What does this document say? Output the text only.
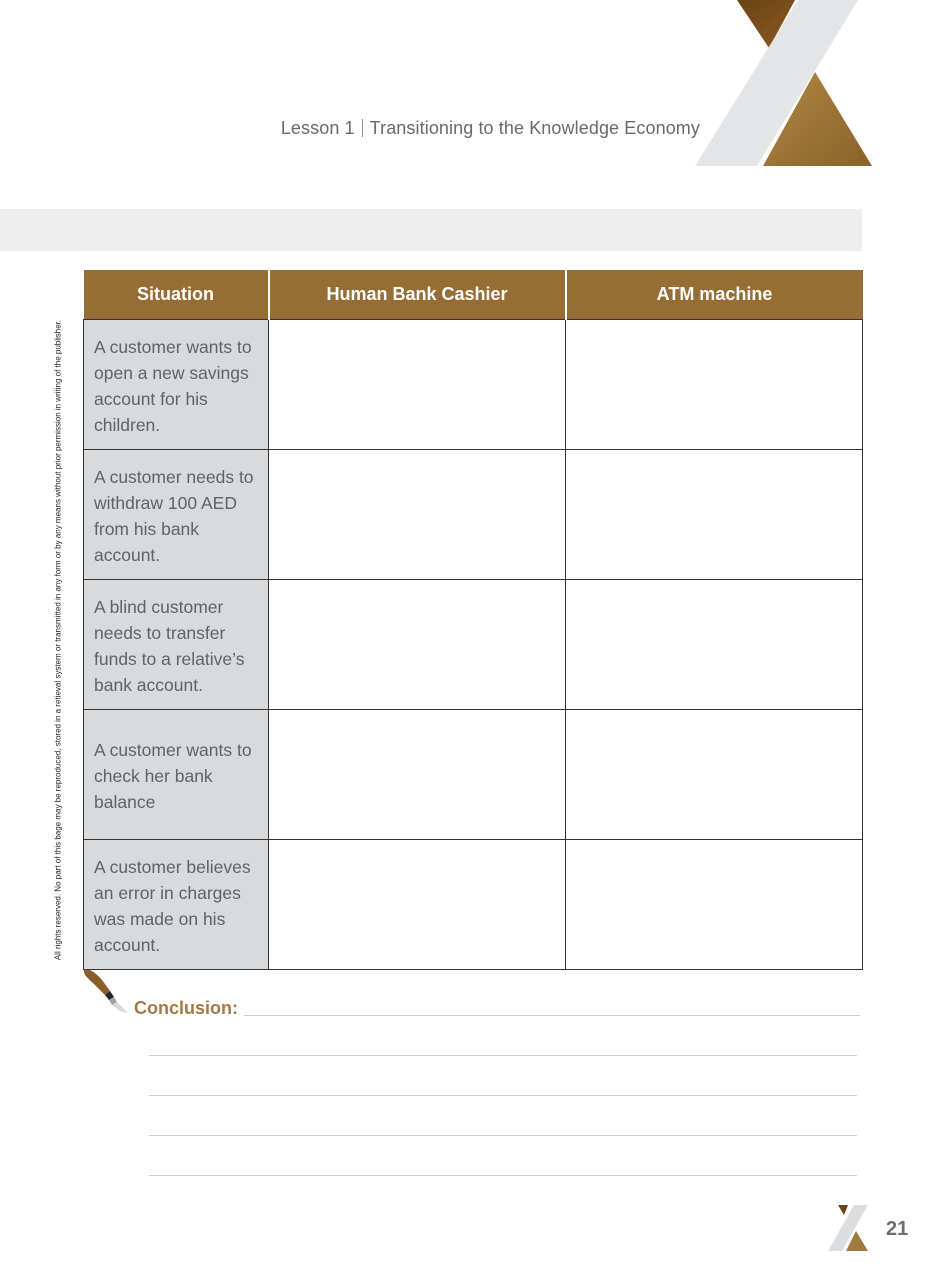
Lesson 1 Transitioning to the Knowledge Economy
All rights reserved. No part of this bage may be reproduced, stored in a retieval system or transmitted in any form or by any means without prior permission in writing of the publisher.
Situation	Human Bank Cashier	ATM machine
A customer wants to open a new savings account for his children.		
A customer needs to withdraw 100 AED from his bank account.		
A blind customer needs to transfer funds to a relative’s bank account.		
A customer wants to check her bank balance		
A customer believes an error in charges was made on his account.		
Conclusion:
21
